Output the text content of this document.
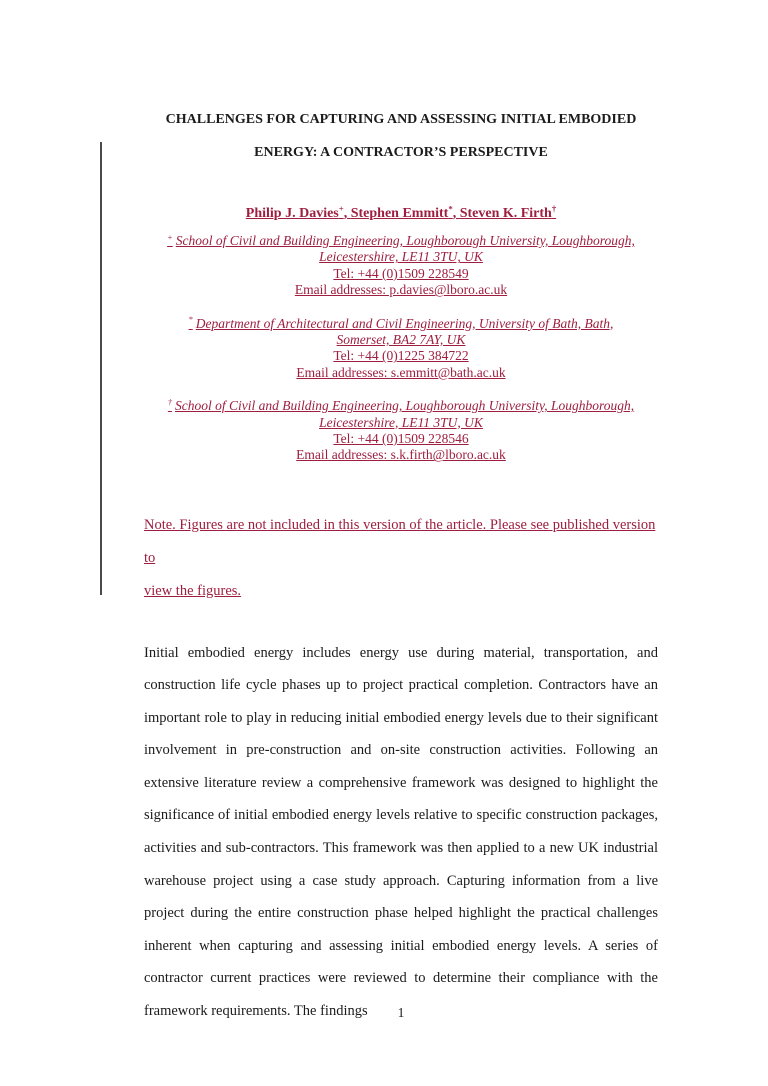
CHALLENGES FOR CAPTURING AND ASSESSING INITIAL EMBODIED
ENERGY: A CONTRACTOR’S PERSPECTIVE
Philip J. Davies+, Stephen Emmitt*, Steven K. Firth†
+ School of Civil and Building Engineering, Loughborough University, Loughborough,
Leicestershire, LE11 3TU, UK
Tel: +44 (0)1509 228549
Email addresses: p.davies@lboro.ac.uk
* Department of Architectural and Civil Engineering, University of Bath, Bath,
Somerset, BA2 7AY, UK
Tel: +44 (0)1225 384722
Email addresses: s.emmitt@bath.ac.uk
† School of Civil and Building Engineering, Loughborough University, Loughborough,
Leicestershire, LE11 3TU, UK
Tel: +44 (0)1509 228546
Email addresses: s.k.firth@lboro.ac.uk
Note. Figures are not included in this version of the article. Please see published version to
view the figures.

Initial embodied energy includes energy use during material, transportation, and construction life cycle phases up to project practical completion. Contractors have an important role to play in reducing initial embodied energy levels due to their significant involvement in pre-construction and on-site construction activities. Following an extensive literature review a comprehensive framework was designed to highlight the significance of initial embodied energy levels relative to specific construction packages, activities and sub-contractors. This framework was then applied to a new UK industrial warehouse project using a case study approach. Capturing information from a live project during the entire construction phase helped highlight the practical challenges inherent when capturing and assessing initial embodied energy levels. A series of contractor current practices were reviewed to determine their compliance with the framework requirements. The findings	1
